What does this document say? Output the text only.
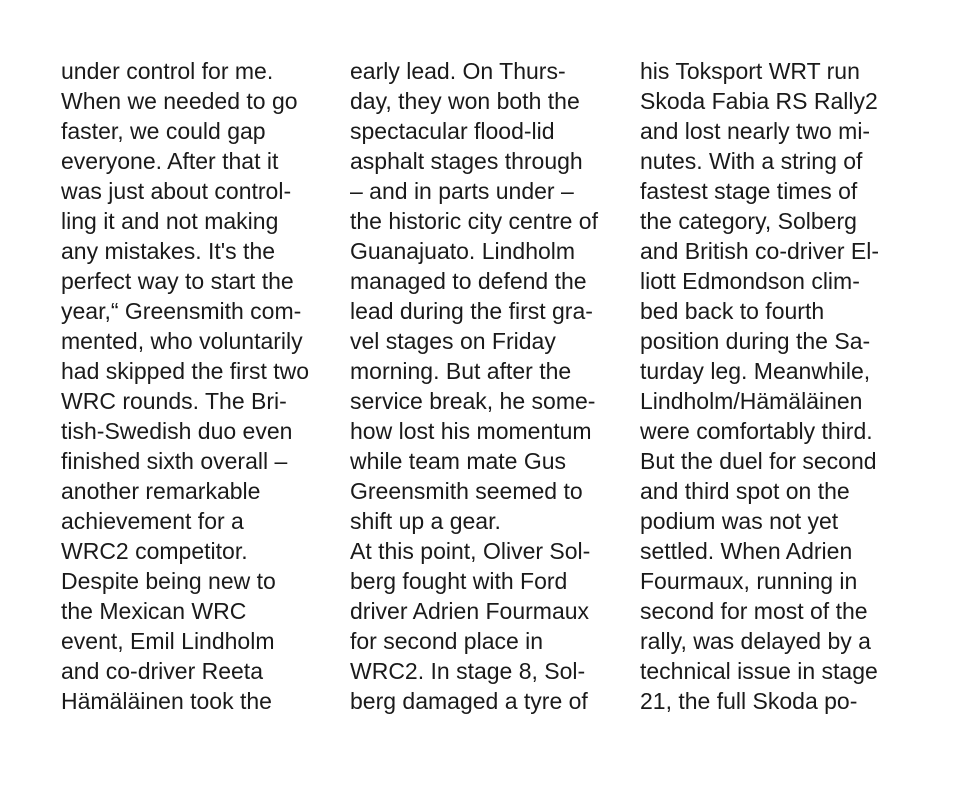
under control for me.
When we needed to go
faster, we could gap
everyone. After that it
was just about control-
ling it and not making
any mistakes. It's the
perfect way to start the
year,“ Greensmith com-
mented, who voluntarily
had skipped the first two
WRC rounds. The Bri-
tish-Swedish duo even
finished sixth overall –
another remarkable
achievement for a
WRC2 competitor.
Despite being new to
the Mexican WRC
event, Emil Lindholm
and co-driver Reeta
Hämäläinen took the
early lead. On Thurs-
day, they won both the
spectacular flood-lid
asphalt stages through
– and in parts under –
the historic city centre of
Guanajuato. Lindholm
managed to defend the
lead during the first gra-
vel stages on Friday
morning. But after the
service break, he some-
how lost his momentum
while team mate Gus
Greensmith seemed to
shift up a gear.
At this point, Oliver Sol-
berg fought with Ford
driver Adrien Fourmaux
for second place in
WRC2. In stage 8, Sol-
berg damaged a tyre of
his Toksport WRT run
Skoda Fabia RS Rally2
and lost nearly two mi-
nutes. With a string of
fastest stage times of
the category, Solberg
and British co-driver El-
liott Edmondson clim-
bed back to fourth
position during the Sa-
turday leg. Meanwhile,
Lindholm/Hämäläinen
were comfortably third.
But the duel for second
and third spot on the
podium was not yet
settled. When Adrien
Fourmaux, running in
second for most of the
rally, was delayed by a
technical issue in stage
21, the full Skoda po-
